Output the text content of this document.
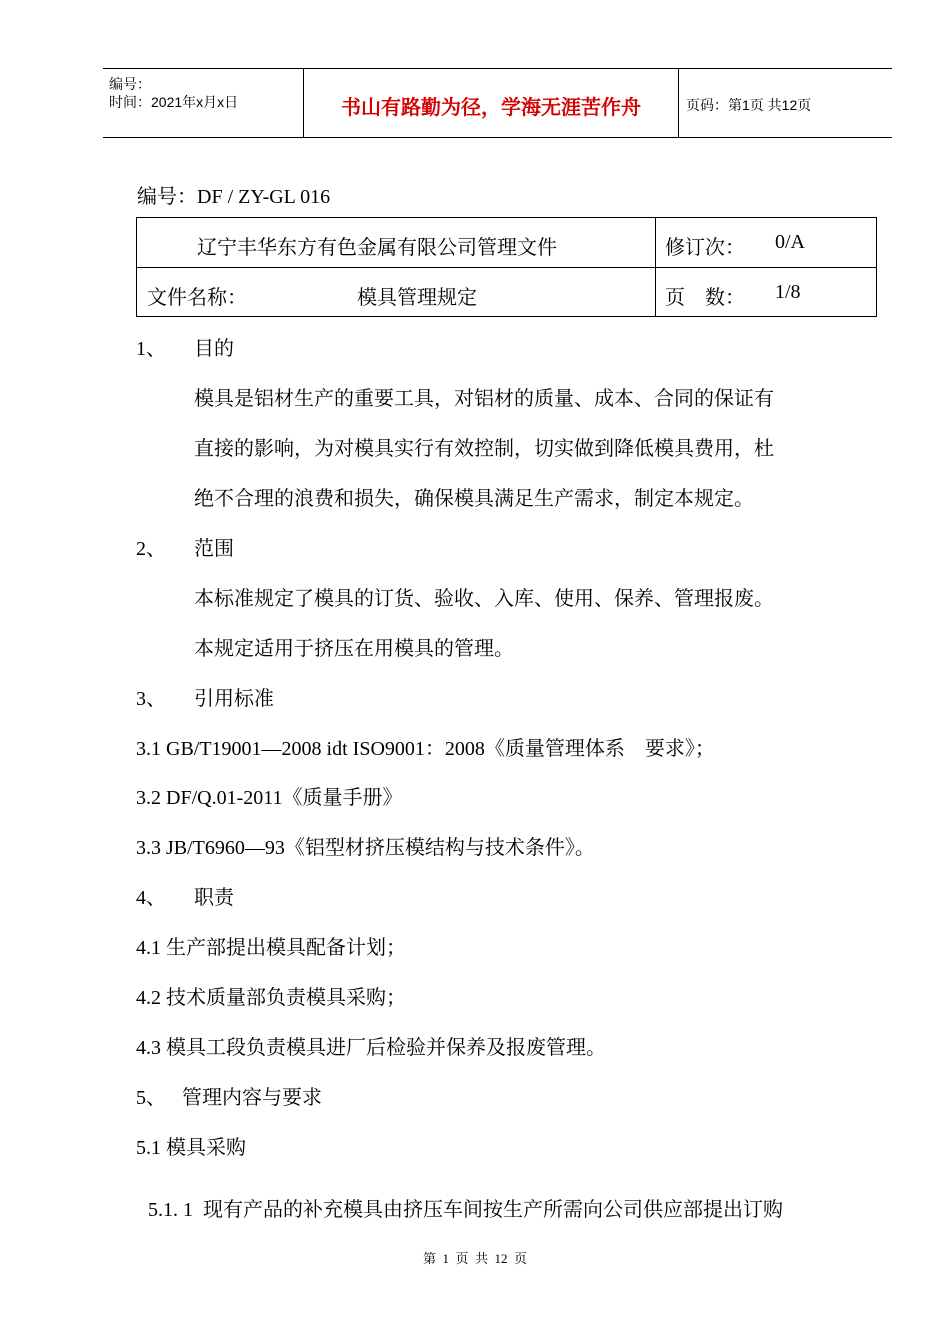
编号：
时间：2021年x月x日	书山有路勤为径，学海无涯苦作舟	页码：第1页 共12页
编号：DF / ZY-GL 016
辽宁丰华东方有色金属有限公司管理文件	修订次： 0/A
文件名称：	模具管理规定	页    数： 1/8
1、 目的
模具是铝材生产的重要工具，对铝材的质量、成本、合同的保证有
直接的影响，为对模具实行有效控制，切实做到降低模具费用，杜
绝不合理的浪费和损失，确保模具满足生产需求，制定本规定。
2、 范围
本标准规定了模具的订货、验收、入库、使用、保养、管理报废。
本规定适用于挤压在用模具的管理。
3、 引用标准
3.1 GB/T19001—2008 idt ISO9001：2008《质量管理体系    要求》；
3.2 DF/Q.01-2011《质量手册》
3.3 JB/T6960—93《铝型材挤压模结构与技术条件》。
4、 职责
4.1 生产部提出模具配备计划；
4.2 技术质量部负责模具采购；
4.3 模具工段负责模具进厂后检验并保养及报废管理。
5、 管理内容与要求
5.1 模具采购
5.1. 1  现有产品的补充模具由挤压车间按生产所需向公司供应部提出订购
第  1  页  共  12  页
